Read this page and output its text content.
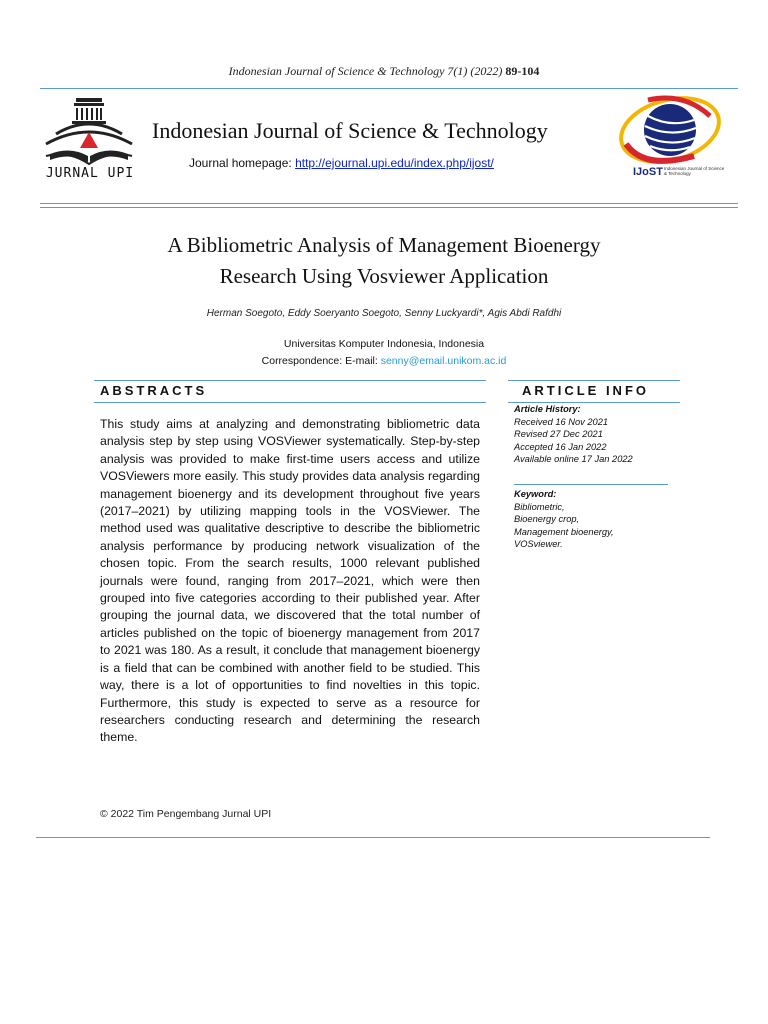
Indonesian Journal of Science & Technology 7(1) (2022) 89-104
JURNAL UPI
Indonesian Journal of Science & Technology
Journal homepage: http://ejournal.upi.edu/index.php/ijost/
IJoST Indonesian Journal of Science & Technology
A Bibliometric Analysis of Management Bioenergy
Research Using Vosviewer Application
Herman Soegoto, Eddy Soeryanto Soegoto, Senny Luckyardi*, Agis Abdi Rafdhi
Universitas Komputer Indonesia, Indonesia
Correspondence: E-mail: senny@email.unikom.ac.id
ABSTRACTS

This study aims at analyzing and demonstrating bibliometric data analysis step by step using VOSViewer systematically. Step-by-step analysis was provided to make first-time users access and utilize VOSViewers more easily. This study provides data analysis regarding management bioenergy and its development throughout five years (2017–2021) by utilizing mapping tools in the VOSViewer. The method used was qualitative descriptive to describe the bibliometric analysis performance by producing network visualization of the chosen topic. From the search results, 1000 relevant published journals were found, ranging from 2017–2021, which were then grouped into five categories according to their published year. After grouping the journal data, we discovered that the total number of articles published on the topic of bioenergy management from 2017 to 2021 was 180. As a result, it conclude that management bioenergy is a field that can be combined with another field to be studied. This way, there is a lot of opportunities to find novelties in this topic. Furthermore, this study is expected to serve as a resource for researchers conducting research and determining the research theme.

© 2022 Tim Pengembang Jurnal UPI
ARTICLE INFO
Article History:
Received 16 Nov 2021
Revised 27 Dec 2021
Accepted 16 Jan 2022
Available online 17 Jan 2022
Keyword:
Bibliometric,
Bioenergy crop,
Management bioenergy,
VOSviewer.
